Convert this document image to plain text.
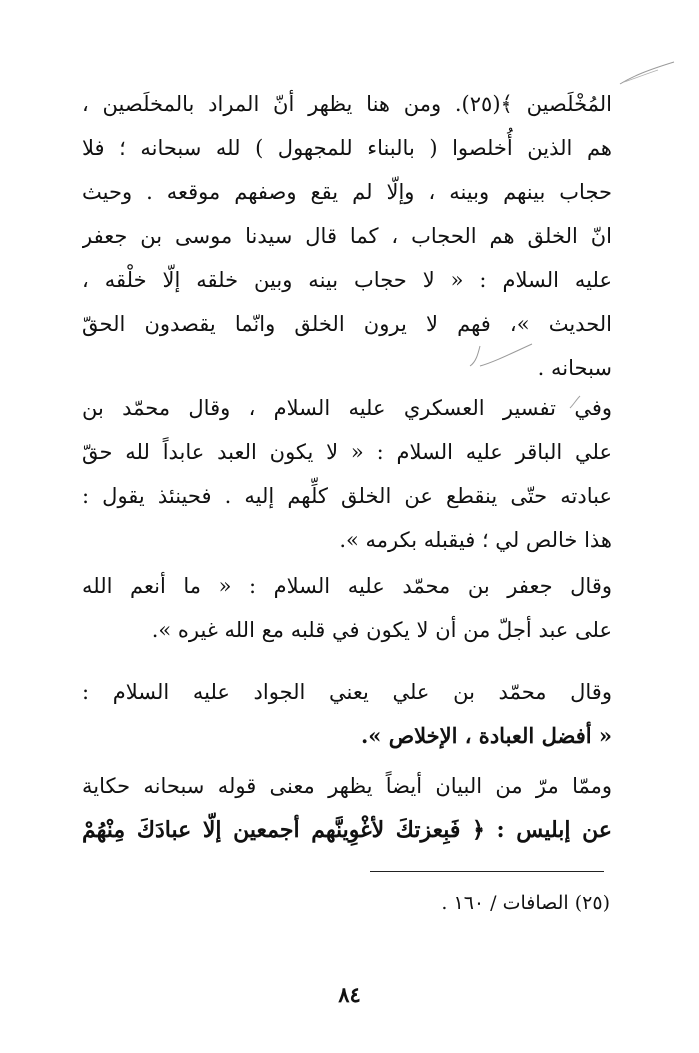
المُخْلَصين ﴾(٢٥). ومن هنا يظهر أنّ المراد بالمخلَصين ،
هم الذين أُخلصوا ( بالبناء للمجهول ) لله سبحانه ؛ فلا
حجاب بينهم وبينه ، وإلّا لم يقع وصفهم موقعه . وحيث
انّ الخلق هم الحجاب ، كما قال سيدنا موسى بن جعفر
عليه السلام : « لا حجاب بينه وبين خلقه إلّا خلْقه ،
الحديث »، فهم لا يرون الخلق وانّما يقصدون الحقّ
سبحانه .
وفي تفسير العسكري عليه السلام ، وقال محمّد بن
علي الباقر عليه السلام : « لا يكون العبد عابداً لله حقّ
عبادته حتّى ينقطع عن الخلق كلِّهم إليه . فحينئذ يقول :
هذا خالص لي ؛ فيقبله بكرمه ».
وقال جعفر بن محمّد عليه السلام : « ما أنعم الله
على عبد أجلّ من أن لا يكون في قلبه مع الله غيره ».
وقال محمّد بن علي يعني الجواد عليه السلام :
« أفضل العبادة ، الإخلاص ».
وممّا مرّ من البيان أيضاً يظهر معنى قوله سبحانه حكاية
عن إبليس : ﴿ فَبِعزتكَ لأغْوِينَّهم أجمعين إلّا عبادَكَ مِنْهُمْ
(٢٥) الصافات / ١٦٠ .
٨٤
